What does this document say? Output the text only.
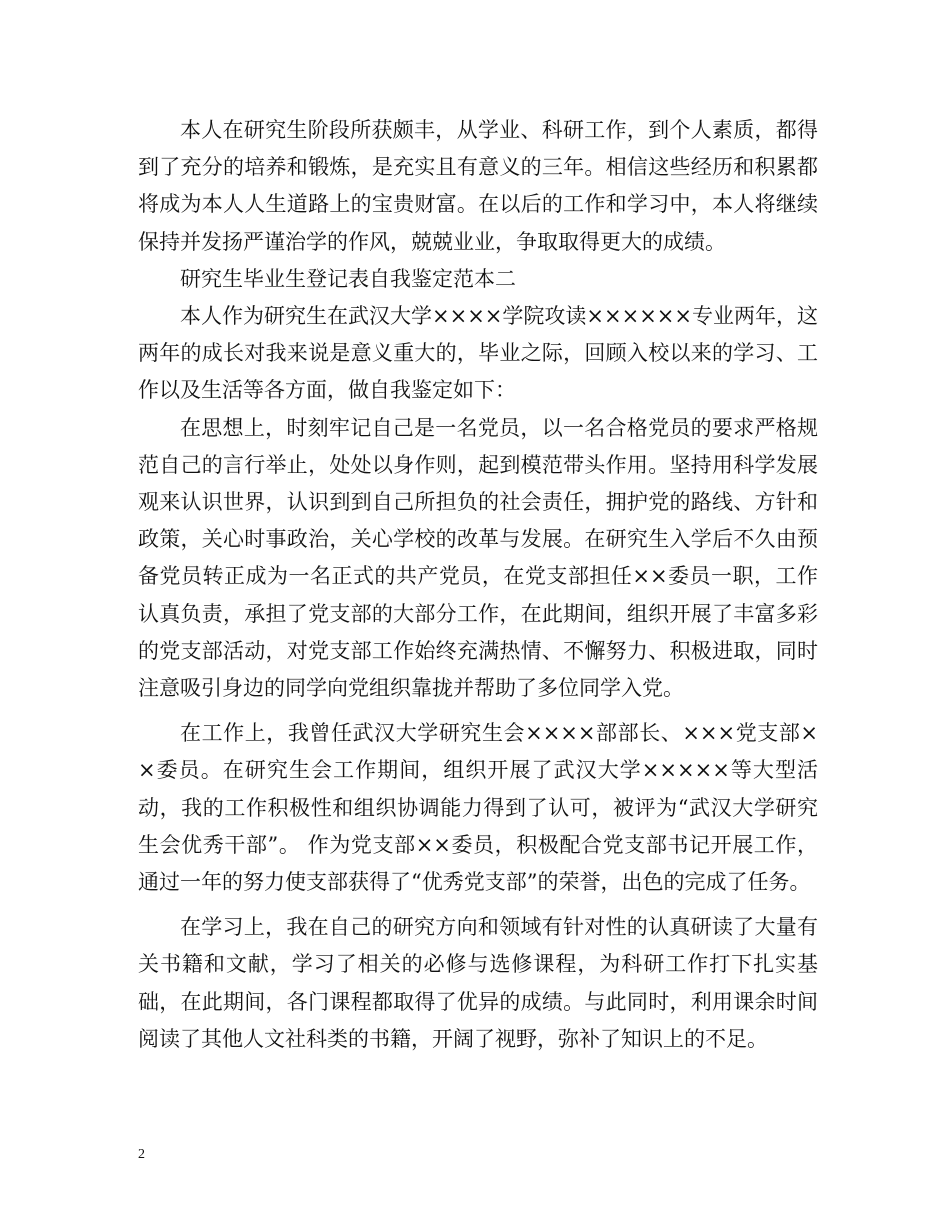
本人在研究生阶段所获颇丰，从学业、科研工作，到个人素质，都得到了充分的培养和锻炼，是充实且有意义的三年。相信这些经历和积累都将成为本人人生道路上的宝贵财富。在以后的工作和学习中，本人将继续保持并发扬严谨治学的作风，兢兢业业，争取取得更大的成绩。

研究生毕业生登记表自我鉴定范本二

本人作为研究生在武汉大学××××学院攻读××××××专业两年，这两年的成长对我来说是意义重大的，毕业之际，回顾入校以来的学习、工作以及生活等各方面，做自我鉴定如下：

在思想上，时刻牢记自己是一名党员，以一名合格党员的要求严格规范自己的言行举止，处处以身作则，起到模范带头作用。坚持用科学发展观来认识世界，认识到到自己所担负的社会责任，拥护党的路线、方针和政策，关心时事政治，关心学校的改革与发展。在研究生入学后不久由预备党员转正成为一名正式的共产党员，在党支部担任××委员一职，工作认真负责，承担了党支部的大部分工作，在此期间，组织开展了丰富多彩的党支部活动，对党支部工作始终充满热情、不懈努力、积极进取，同时注意吸引身边的同学向党组织靠拢并帮助了多位同学入党。

在工作上，我曾任武汉大学研究生会××××部部长、×××党支部××委员。在研究生会工作期间，组织开展了武汉大学×××××等大型活动，我的工作积极性和组织协调能力得到了认可，被评为“武汉大学研究生会优秀干部”。 作为党支部××委员，积极配合党支部书记开展工作，通过一年的努力使支部获得了“优秀党支部”的荣誉，出色的完成了任务。

在学习上，我在自己的研究方向和领域有针对性的认真研读了大量有关书籍和文献，学习了相关的必修与选修课程，为科研工作打下扎实基础，在此期间，各门课程都取得了优异的成绩。与此同时，利用课余时间阅读了其他人文社科类的书籍，开阔了视野，弥补了知识上的不足。

2
